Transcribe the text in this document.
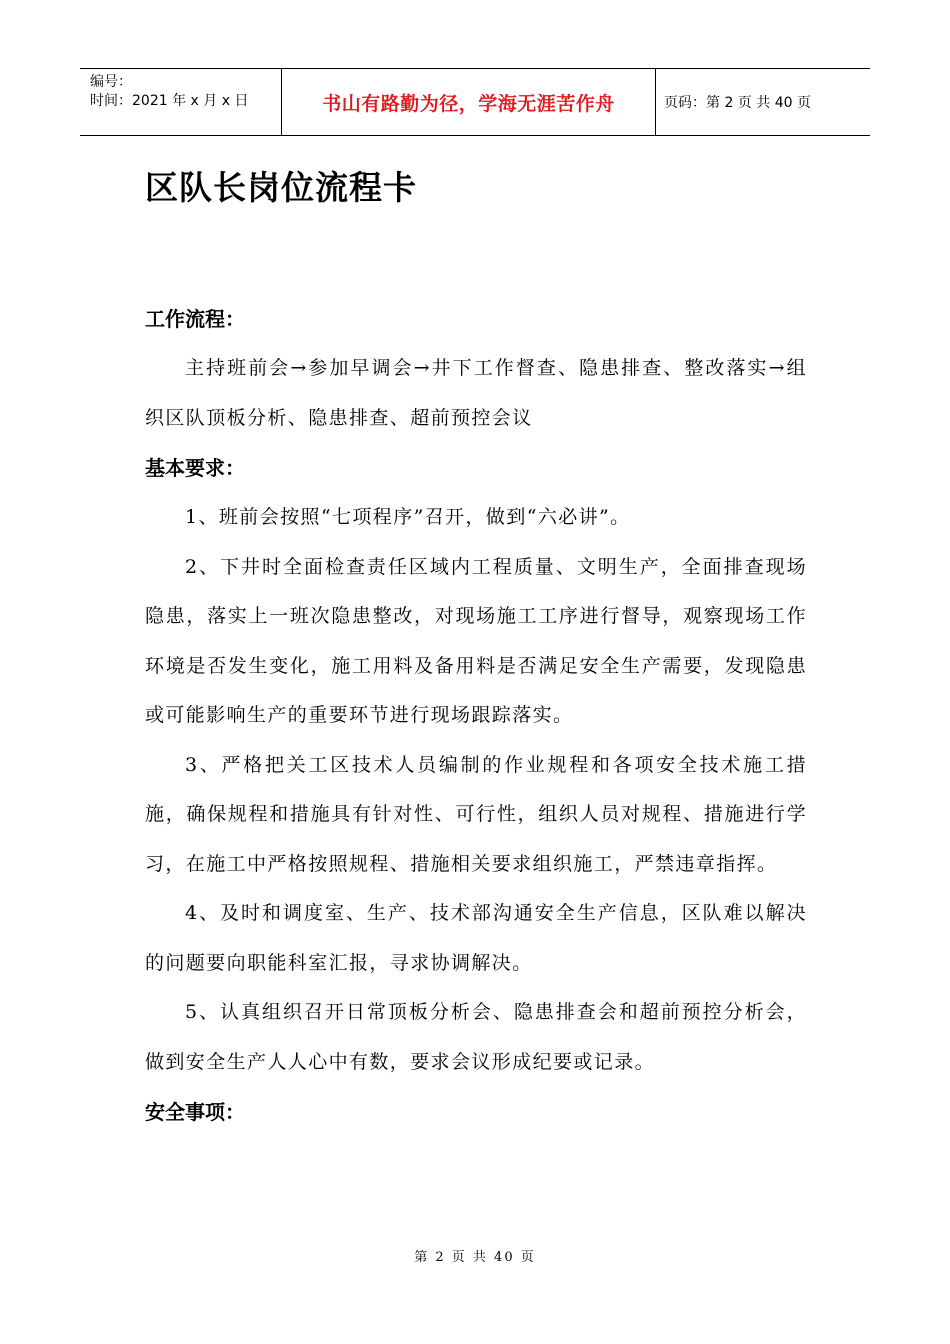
编号：
时间：2021 年 x 月 x 日	书山有路勤为径，学海无涯苦作舟	页码：第 2 页 共 40 页
区队长岗位流程卡
工作流程：

主持班前会→参加早调会→井下工作督查、隐患排查、整改落实→组织区队顶板分析、隐患排查、超前预控会议

基本要求：

1、班前会按照“七项程序”召开，做到“六必讲”。

2、下井时全面检查责任区域内工程质量、文明生产，全面排查现场隐患，落实上一班次隐患整改，对现场施工工序进行督导，观察现场工作环境是否发生变化，施工用料及备用料是否满足安全生产需要，发现隐患或可能影响生产的重要环节进行现场跟踪落实。

3、严格把关工区技术人员编制的作业规程和各项安全技术施工措施，确保规程和措施具有针对性、可行性，组织人员对规程、措施进行学习，在施工中严格按照规程、措施相关要求组织施工，严禁违章指挥。

4、及时和调度室、生产、技术部沟通安全生产信息，区队难以解决的问题要向职能科室汇报，寻求协调解决。

5、认真组织召开日常顶板分析会、隐患排查会和超前预控分析会，做到安全生产人人心中有数，要求会议形成纪要或记录。

安全事项：
第 2 页 共 40 页
